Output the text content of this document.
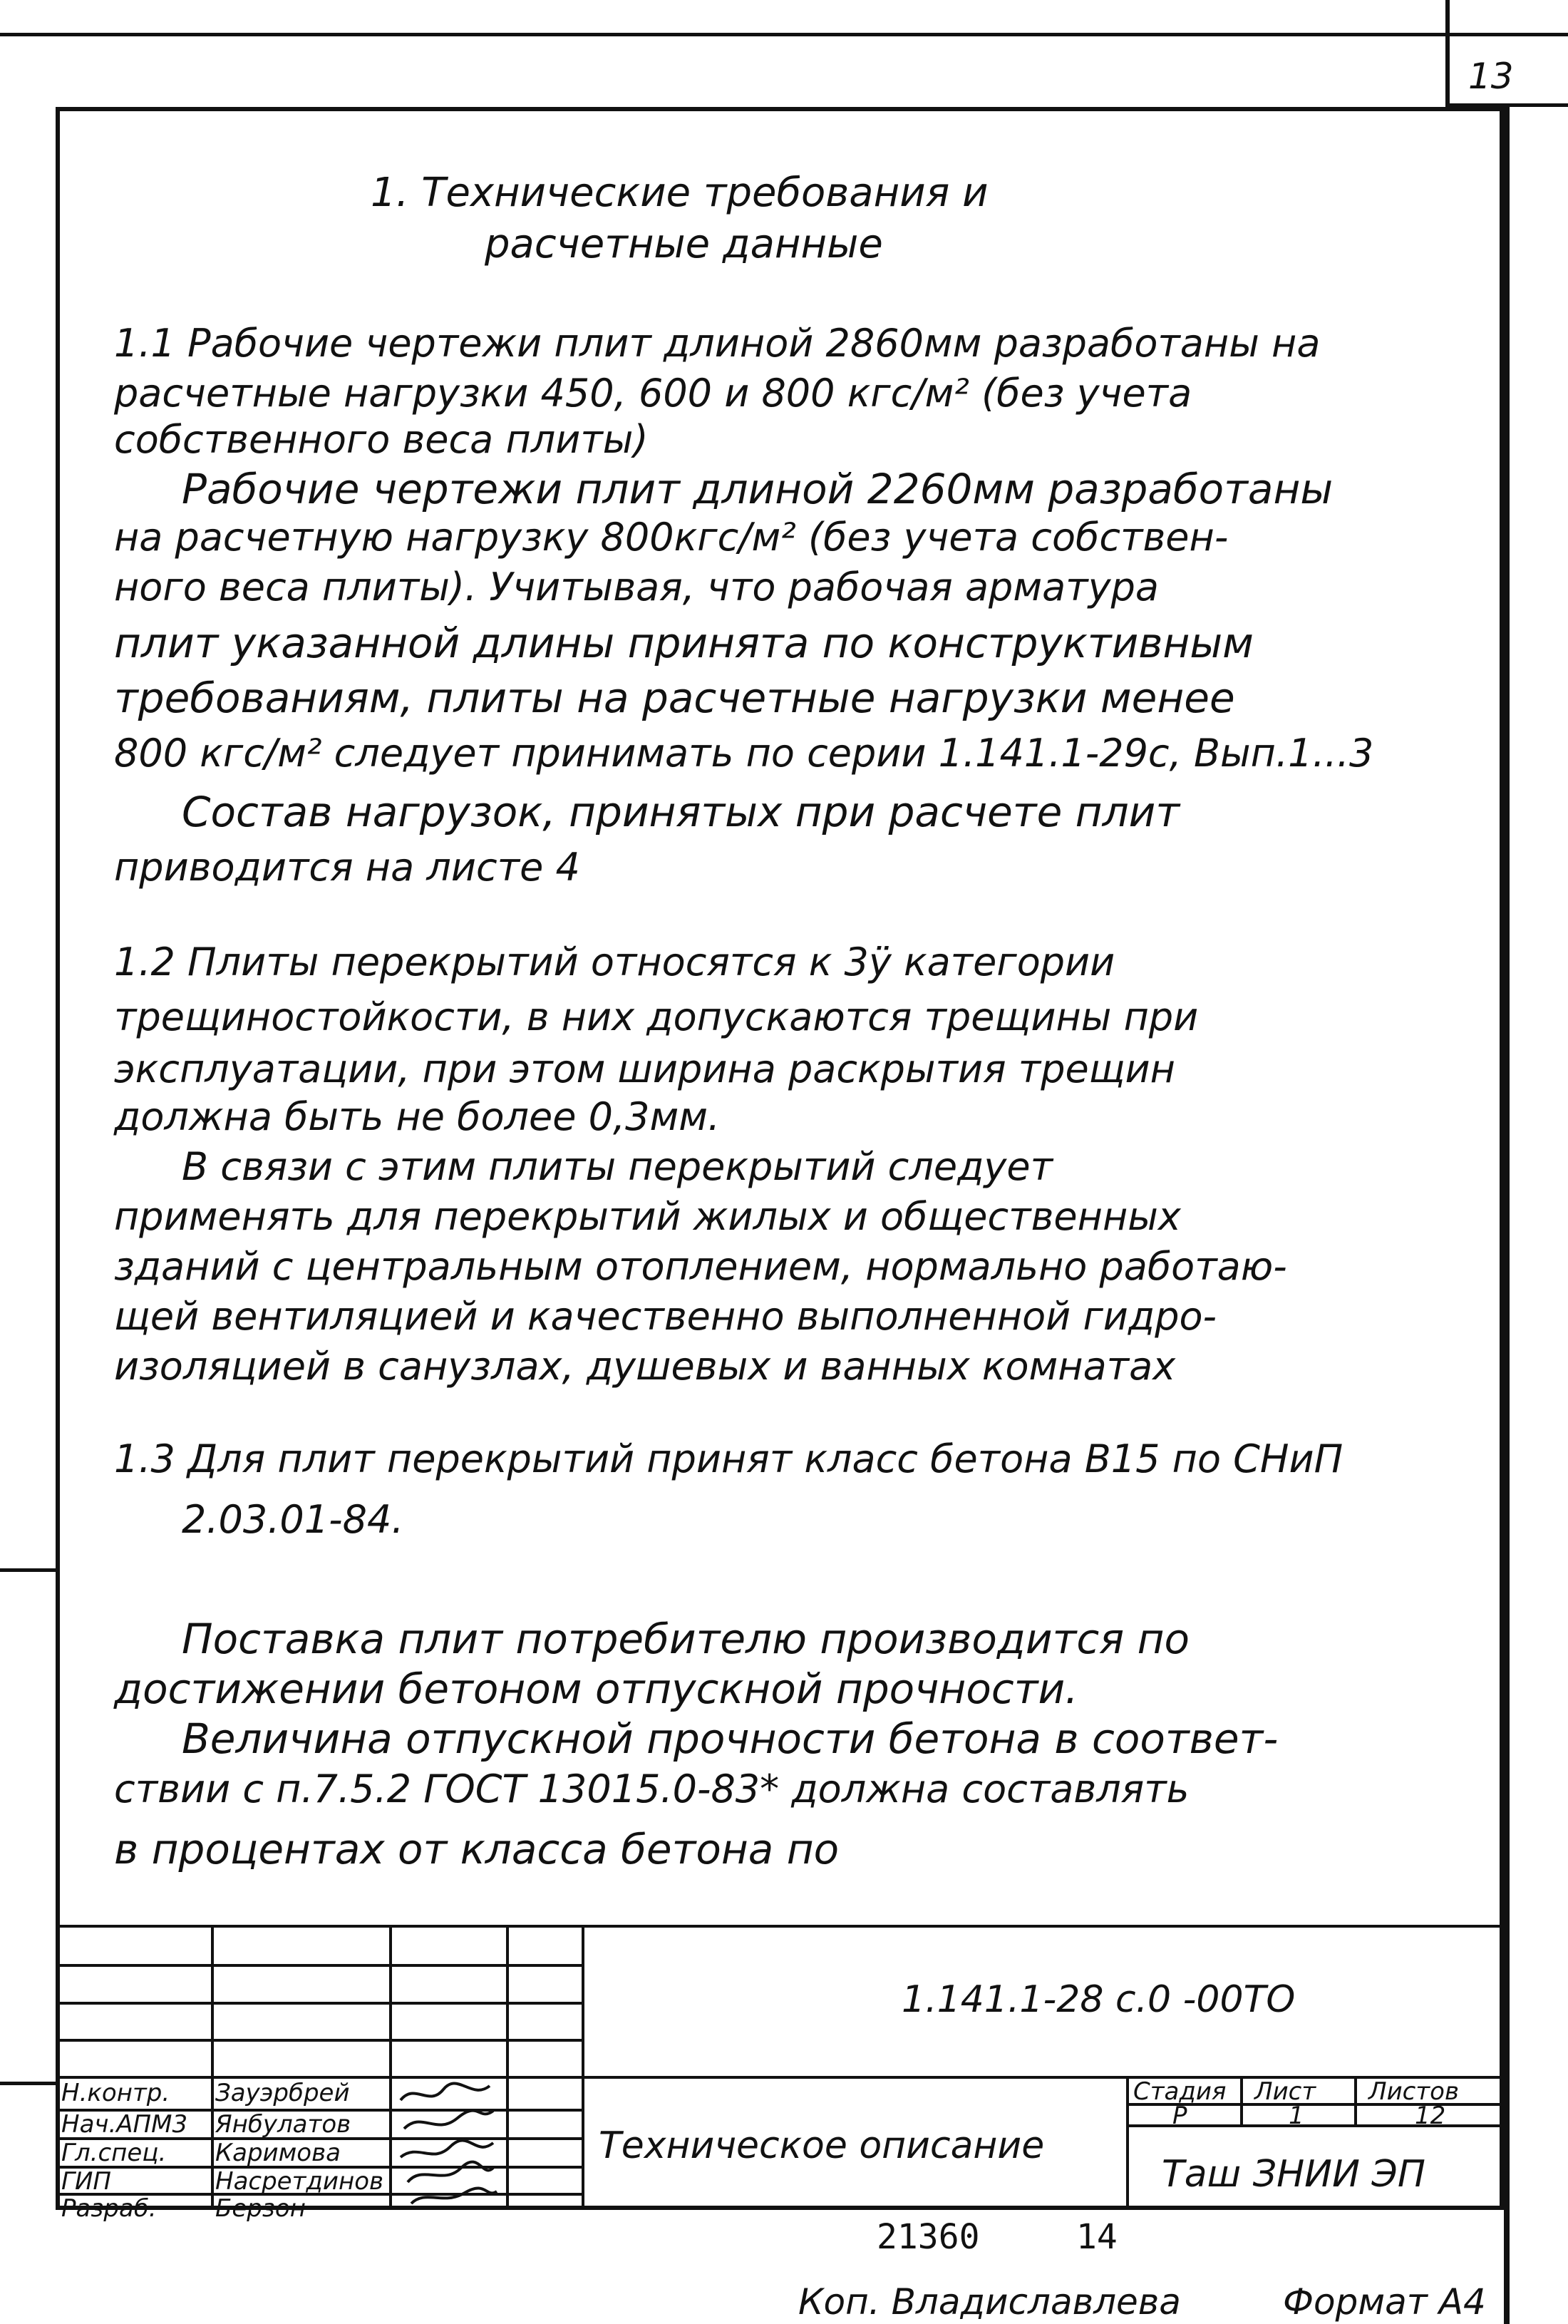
13
1. Технические требования и
расчетные данные
1.1 Рабочие чертежи плит длиной 2860мм разработаны на
расчетные нагрузки 450, 600 и 800 кгс/м² (без учета
собственного веса плиты)
Рабочие чертежи плит длиной 2260мм разработаны
на расчетную нагрузку 800кгс/м² (без учета собствен-
ного веса плиты). Учитывая, что рабочая арматура
плит указанной длины принята по конструктивным
требованиям, плиты на расчетные нагрузки менее
800 кгс/м² следует принимать по серии 1.141.1-29с, Вып.1...3
Состав нагрузок, принятых при расчете плит
приводится на листе 4
1.2 Плиты перекрытий относятся к 3ӱ категории
трещиностойкости, в них допускаются трещины при
эксплуатации, при этом ширина раскрытия трещин
должна быть не более 0,3мм.
В связи с этим плиты перекрытий следует
применять для перекрытий жилых и общественных
зданий с центральным отоплением, нормально работаю-
щей вентиляцией и качественно выполненной гидро-
изоляцией в санузлах, душевых и ванных комнатах
1.3 Для плит перекрытий принят класс бетона В15 по СНиП
2.03.01-84.
Поставка плит потребителю производится по
достижении бетоном отпускной прочности.
Величина отпускной прочности бетона в соответ-
ствии с п.7.5.2 ГОСТ 13015.0-83* должна составлять
в процентах от класса бетона по
1.141.1-28 с.0 -00ТО
Н.контр. Зауэрбрей
Нач.АПМ3 Янбулатов
Гл.спец. Каримова
ГИП	Насретдинов
Разраб. Берзон
Техническое описание
Стадия Лист Листов
Р	1	12
Таш ЗНИИ ЭП
21360	14
Коп. Владиславлева	Формат А4
